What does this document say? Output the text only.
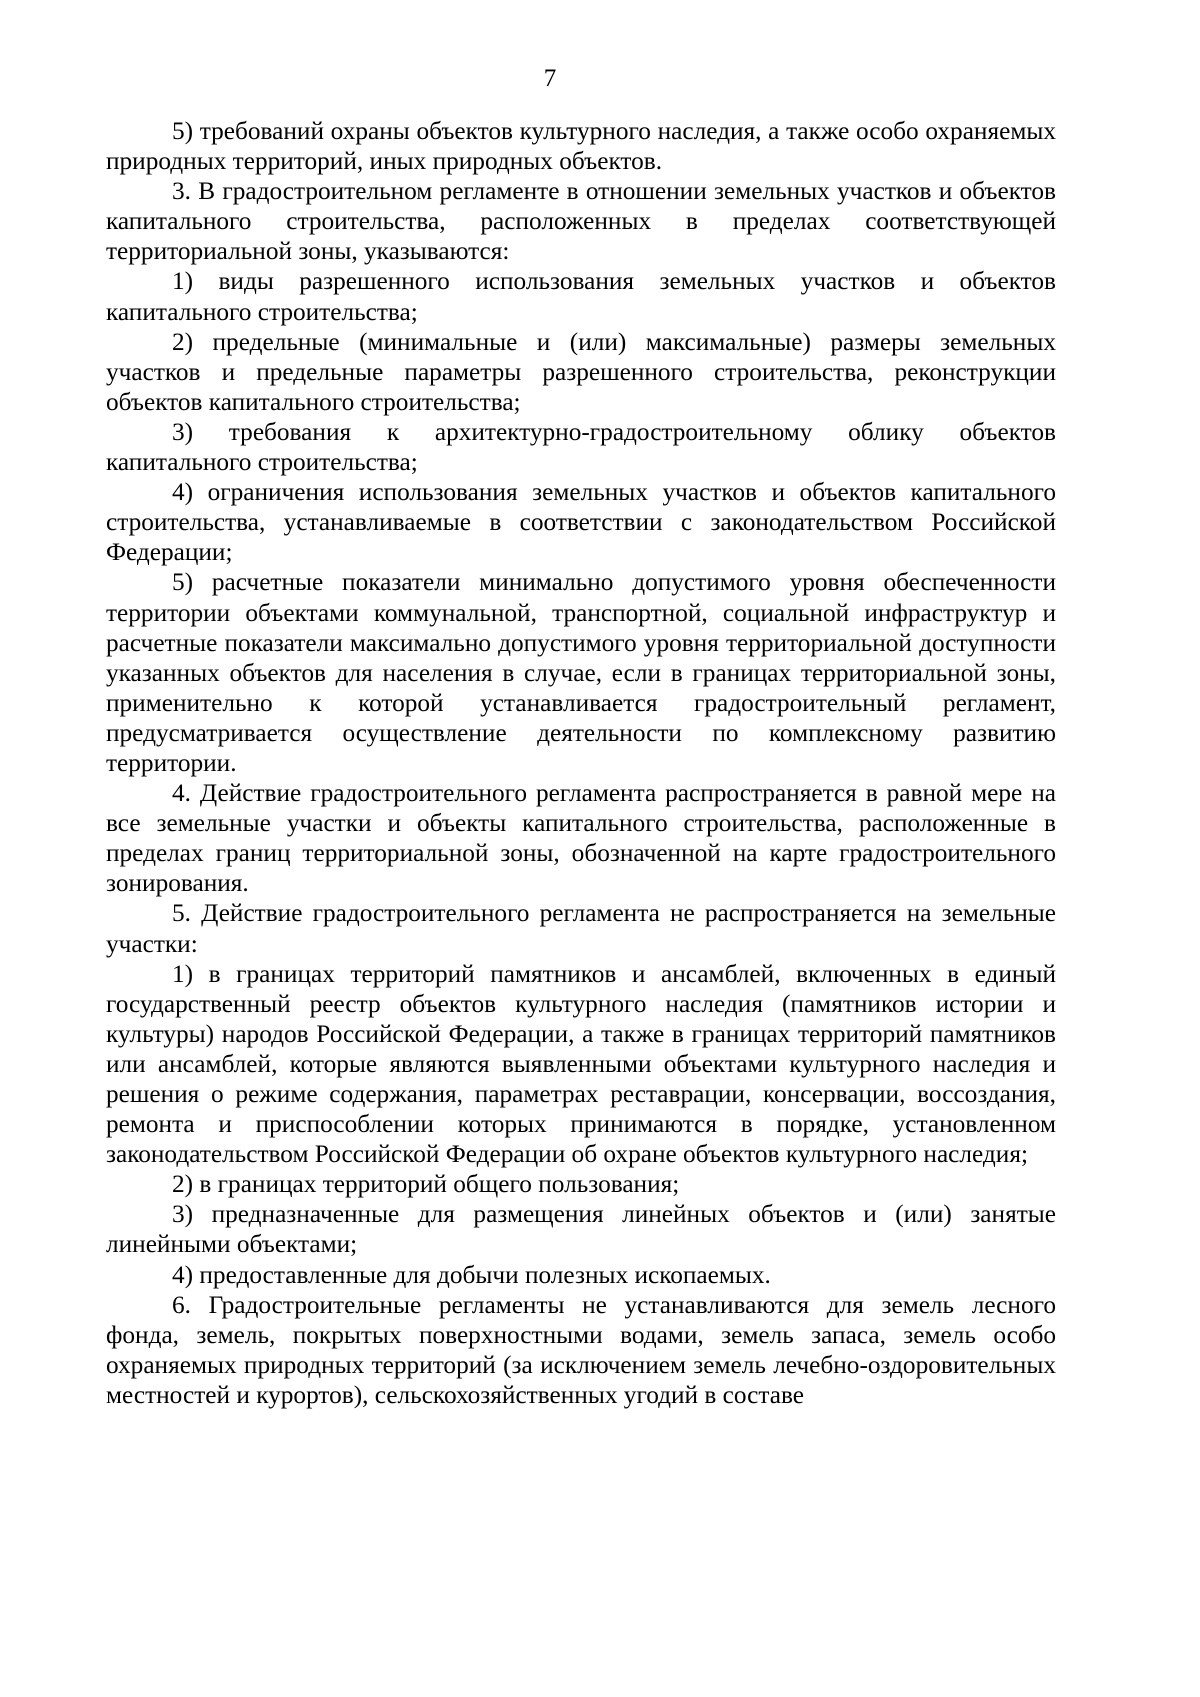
7

5) требований охраны объектов культурного наследия, а также особо охраняемых природных территорий, иных природных объектов.

3. В градостроительном регламенте в отношении земельных участков и объектов капитального строительства, расположенных в пределах соответствующей территориальной зоны, указываются:

1) виды разрешенного использования земельных участков и объектов капитального строительства;

2) предельные (минимальные и (или) максимальные) размеры земельных участков и предельные параметры разрешенного строительства, реконструкции объектов капитального строительства;

3) требования к архитектурно-градостроительному облику объектов капитального строительства;

4) ограничения использования земельных участков и объектов капитального строительства, устанавливаемые в соответствии с законодательством Российской Федерации;

5) расчетные показатели минимально допустимого уровня обеспеченности территории объектами коммунальной, транспортной, социальной инфраструктур и расчетные показатели максимально допустимого уровня территориальной доступности указанных объектов для населения в случае, если в границах территориальной зоны, применительно к которой устанавливается градостроительный регламент, предусматривается осуществление деятельности по комплексному развитию территории.

4. Действие градостроительного регламента распространяется в равной мере на все земельные участки и объекты капитального строительства, расположенные в пределах границ территориальной зоны, обозначенной на карте градостроительного зонирования.

5. Действие градостроительного регламента не распространяется на земельные участки:

1) в границах территорий памятников и ансамблей, включенных в единый государственный реестр объектов культурного наследия (памятников истории и культуры) народов Российской Федерации, а также в границах территорий памятников или ансамблей, которые являются выявленными объектами культурного наследия и решения о режиме содержания, параметрах реставрации, консервации, воссоздания, ремонта и приспособлении которых принимаются в порядке, установленном законодательством Российской Федерации об охране объектов культурного наследия;

2) в границах территорий общего пользования;

3) предназначенные для размещения линейных объектов и (или) занятые линейными объектами;

4) предоставленные для добычи полезных ископаемых.

6. Градостроительные регламенты не устанавливаются для земель лесного фонда, земель, покрытых поверхностными водами, земель запаса, земель особо охраняемых природных территорий (за исключением земель лечебно-оздоровительных местностей и курортов), сельскохозяйственных угодий в составе
